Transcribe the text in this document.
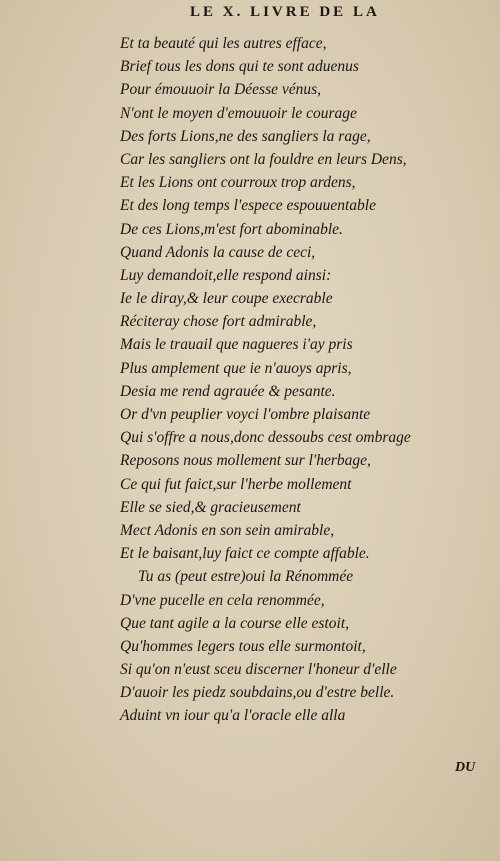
LE X. LIVRE DE LA
Et ta beauté qui les autres efface,
Brief tous les dons qui te sont aduenus
Pour émouuoir la Déesse vénus,
N'ont le moyen d'emouuoir le courage
Des forts Lions,ne des sangliers la rage,
Car les sangliers ont la fouldre en leurs Dens,
Et les Lions ont courroux trop ardens,
Et des long temps l'espece espouuentable
De ces Lions,m'est fort abominable.
Quand Adonis la cause de ceci,
Luy demandoit,elle respond ainsi:
Ie le diray,& leur coupe execrable
Réciteray chose fort admirable,
Mais le trauail que nagueres i'ay pris
Plus amplement que ie n'auoys apris,
Desia me rend agrauée & pesante.
Or d'vn peuplier voyci l'ombre plaisante
Qui s'offre a nous,donc dessoubs cest ombrage
Reposons nous mollement sur l'herbage,
Ce qui fut faict,sur l'herbe mollement
Elle se sied,& gracieusement
Mect Adonis en son sein amirable,
Et le baisant,luy faict ce compte affable.
Tu as (peut estre)oui la Rénommée
D'vne pucelle en cela renommée,
Que tant agile a la course elle estoit,
Qu'hommes legers tous elle surmontoit,
Si qu'on n'eust sceu discerner l'honeur d'elle
D'auoir les piedz soubdains,ou d'estre belle.
Aduint vn iour qu'a l'oracle elle alla
DU
